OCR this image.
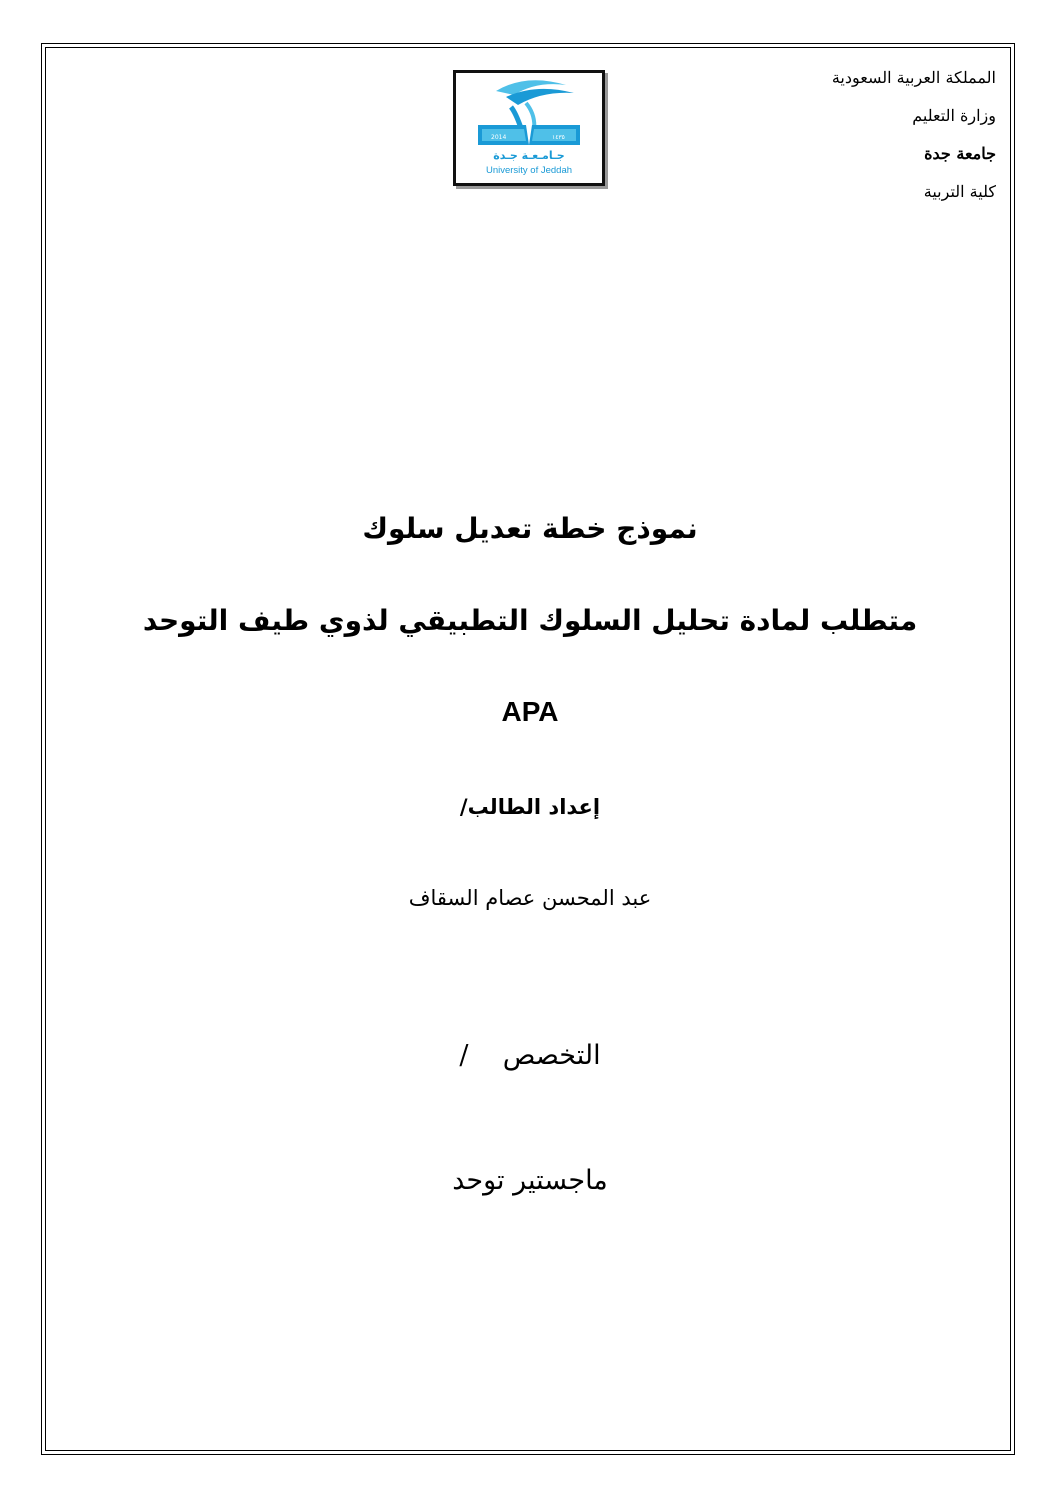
المملكة العربية السعودية
وزارة التعليم
جامعة جدة
كلية التربية
2014	١٤٣٥
جـامـعـة جـدة
University of Jeddah
نموذج خطة تعديل سلوك
متطلب لمادة تحليل السلوك التطبيقي لذوي طيف التوحد
APA
إعداد الطالب/
عبد المحسن عصام السقاف
التخصص    /
ماجستير توحد
